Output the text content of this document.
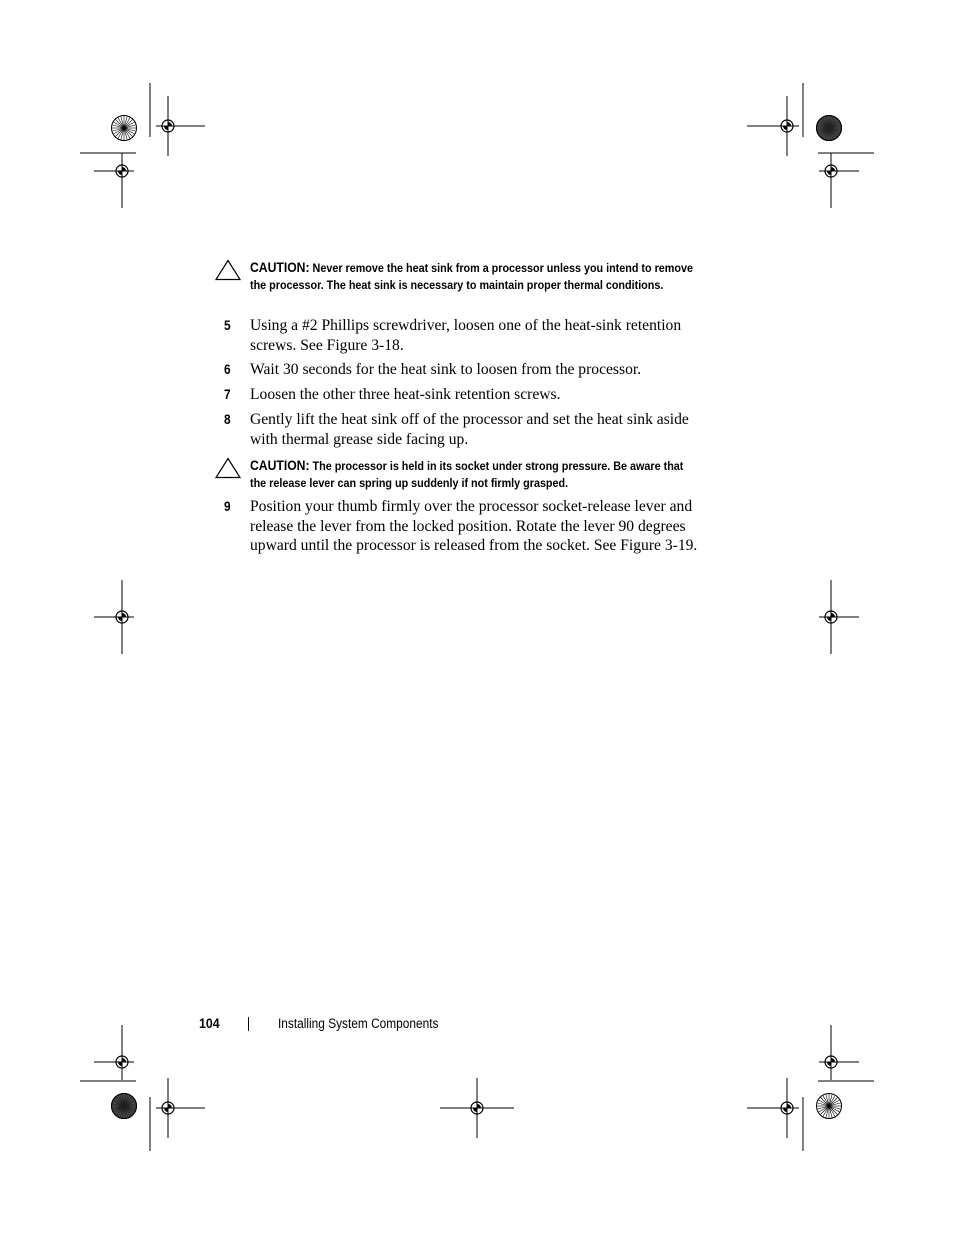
CAUTION: Never remove the heat sink from a processor unless you intend to remove the processor. The heat sink is necessary to maintain proper thermal conditions.
5 Using a #2 Phillips screwdriver, loosen one of the heat-sink retention screws. See Figure 3-18.
6 Wait 30 seconds for the heat sink to loosen from the processor.
7 Loosen the other three heat-sink retention screws.
8 Gently lift the heat sink off of the processor and set the heat sink aside with thermal grease side facing up.
CAUTION: The processor is held in its socket under strong pressure. Be aware that the release lever can spring up suddenly if not firmly grasped.
9 Position your thumb firmly over the processor socket-release lever and release the lever from the locked position. Rotate the lever 90 degrees upward until the processor is released from the socket. See Figure 3-19.
104	Installing System Components
